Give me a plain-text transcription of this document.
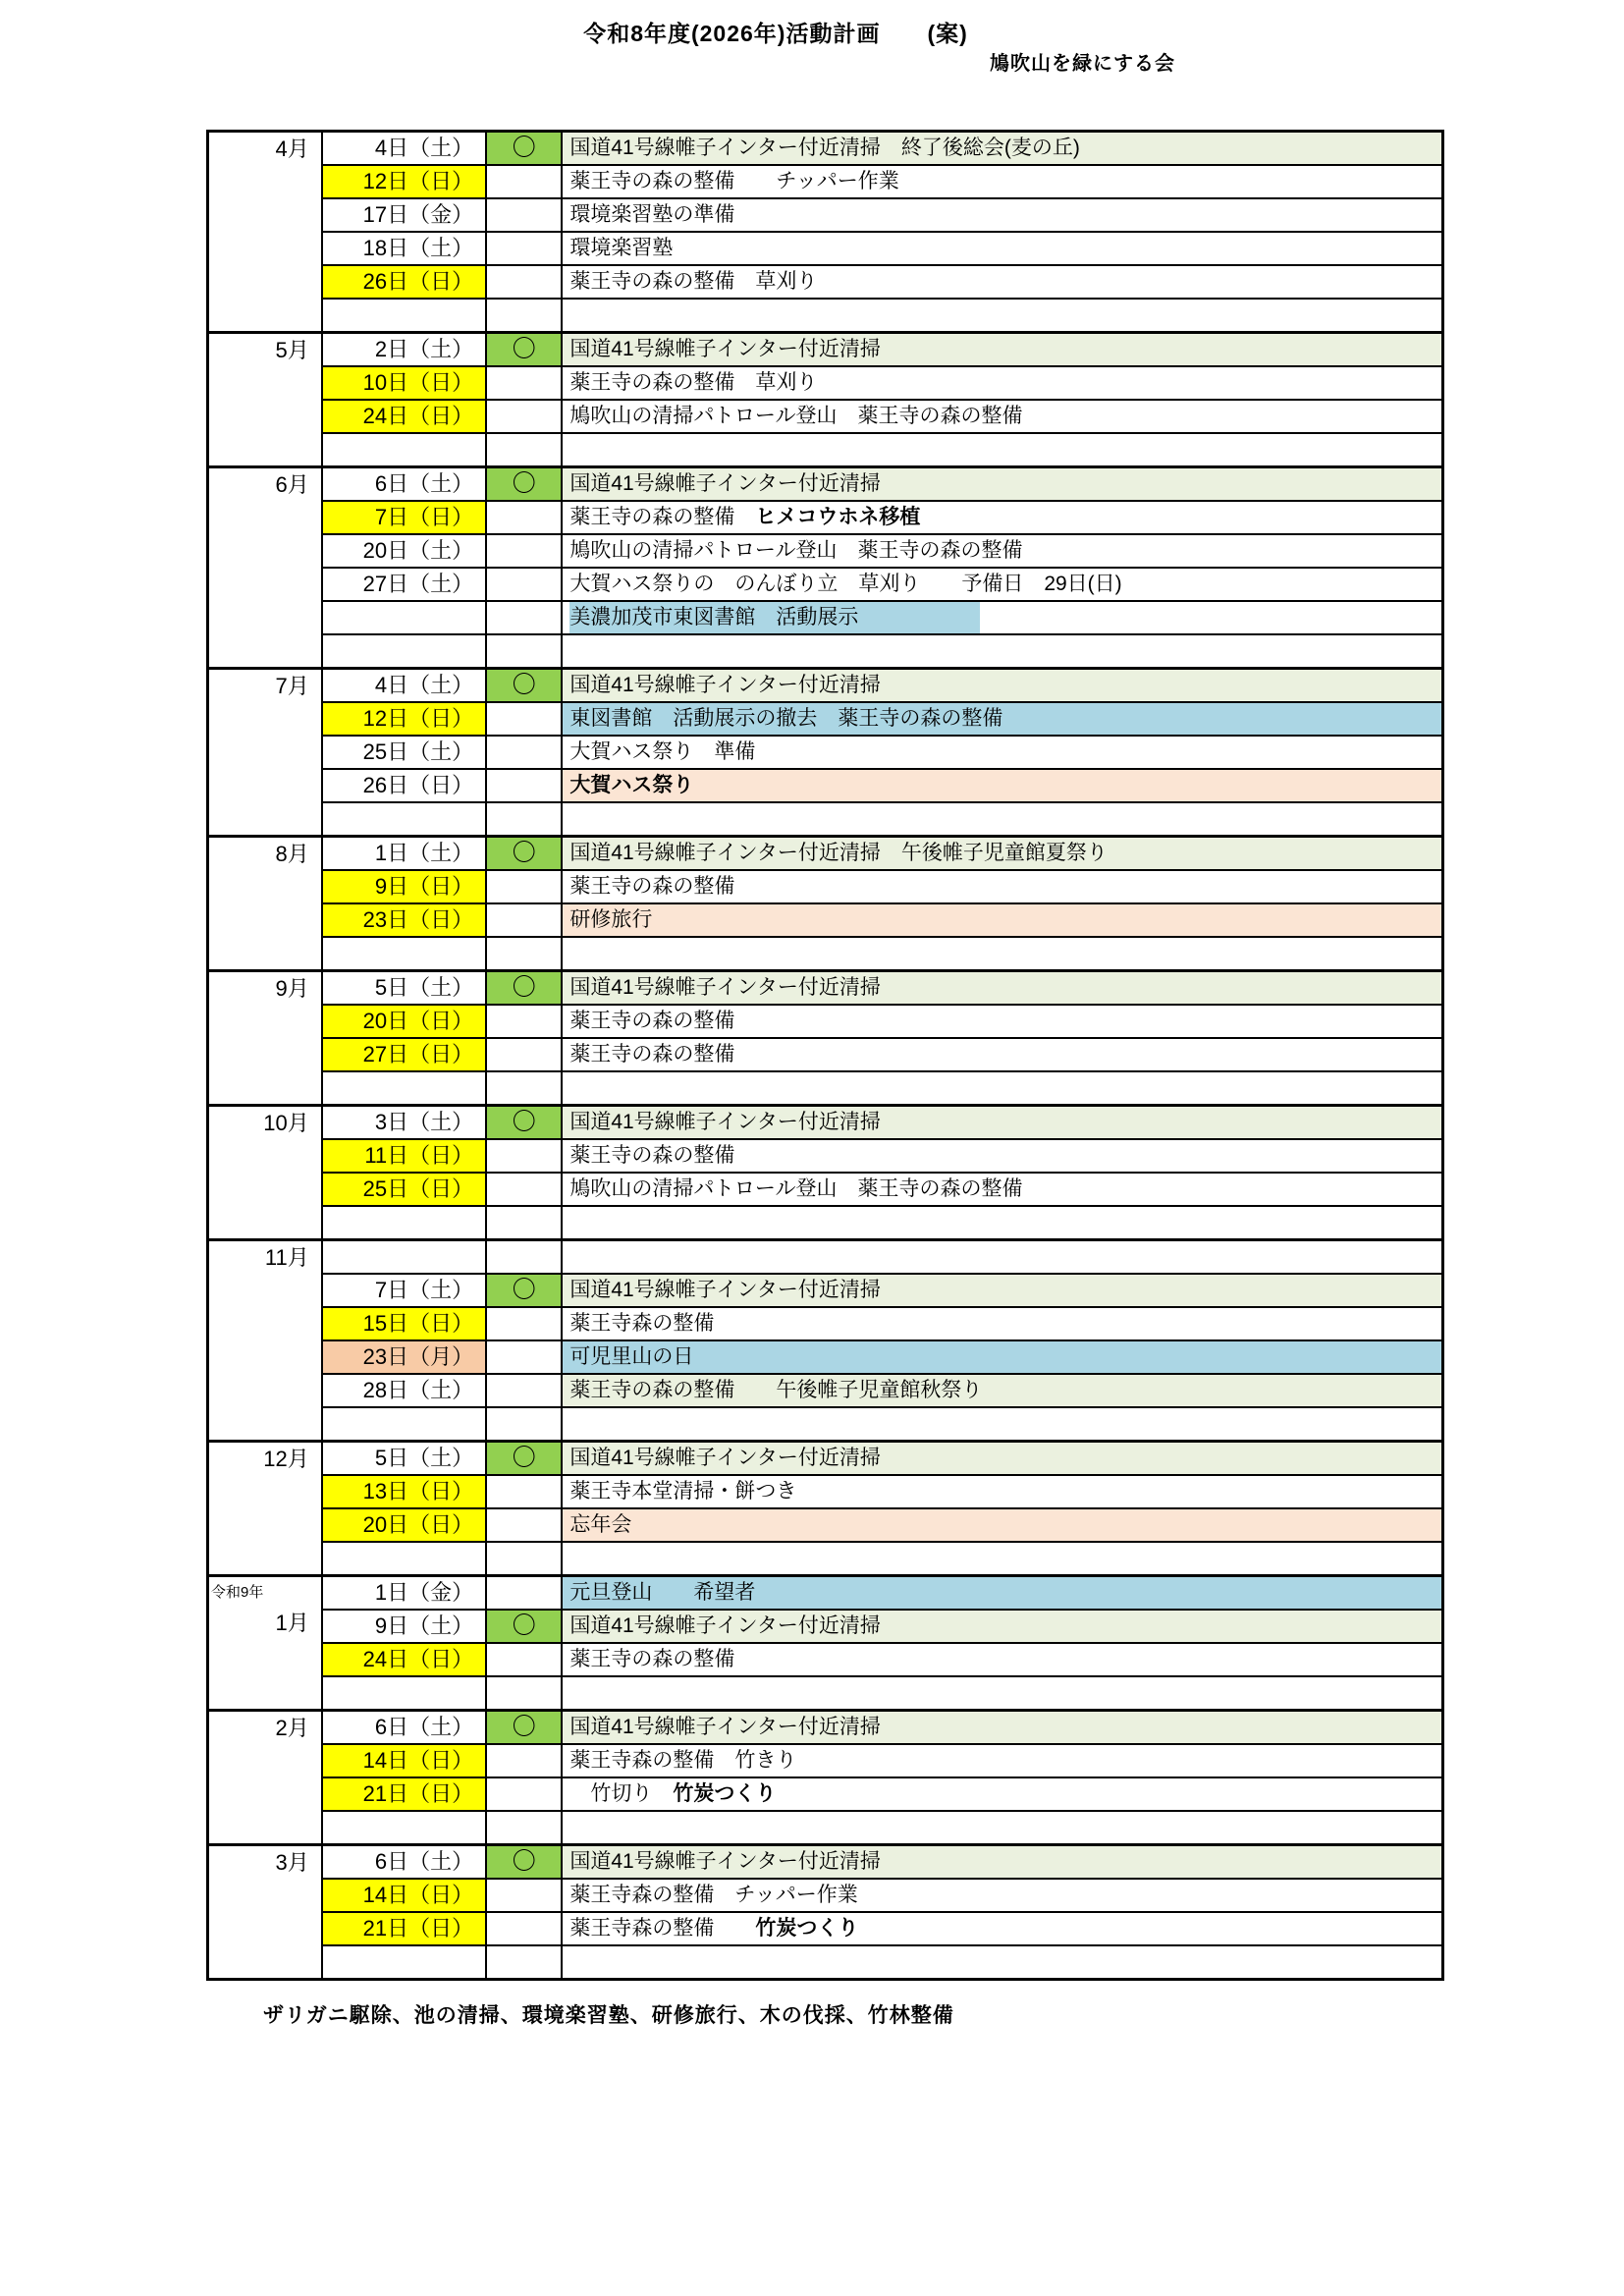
令和8年度(2026年)活動計画　　(案)
鳩吹山を緑にする会
4月	4日（土）	〇	国道41号線帷子インター付近清掃　終了後総会(麦の丘)
	12日（日）		薬王寺の森の整備　　チッパー作業
	17日（金）		環境楽習塾の準備
	18日（土）		環境楽習塾
	26日（日）		薬王寺の森の整備　草刈り

5月	2日（土）	〇	国道41号線帷子インター付近清掃
	10日（日）		薬王寺の森の整備　草刈り
	24日（日）		鳩吹山の清掃パトロール登山　薬王寺の森の整備

6月	6日（土）	〇	国道41号線帷子インター付近清掃
	7日（日）		薬王寺の森の整備　ヒメコウホネ移植
	20日（土）		鳩吹山の清掃パトロール登山　薬王寺の森の整備
	27日（土）		大賀ハス祭りの　のんぼり立　草刈り　　予備日　29日(日)

			美濃加茂市東図書館　活動展示

7月	4日（土）	〇	国道41号線帷子インター付近清掃
	12日（日）		東図書館　活動展示の撤去　薬王寺の森の整備
	25日（土）		大賀ハス祭り　準備
	26日（日）		大賀ハス祭り

8月	1日（土）	〇	国道41号線帷子インター付近清掃　午後帷子児童館夏祭り
	9日（日）		薬王寺の森の整備
	23日（日）		研修旅行

9月	5日（土）	〇	国道41号線帷子インター付近清掃
	20日（日）		薬王寺の森の整備
	27日（日）		薬王寺の森の整備

10月	3日（土）	〇	国道41号線帷子インター付近清掃
	11日（日）		薬王寺の森の整備
	25日（日）		鳩吹山の清掃パトロール登山　薬王寺の森の整備

11月			

	7日（土）	〇	国道41号線帷子インター付近清掃
	15日（日）		薬王寺森の整備
	23日（月）		可児里山の日
	28日（土）		薬王寺の森の整備　　午後帷子児童館秋祭り

12月	5日（土）	〇	国道41号線帷子インター付近清掃
	13日（日）		薬王寺本堂清掃・餅つき
	20日（日）		忘年会

令和9年
1月	1日（金）		元旦登山　　希望者
	9日（土）	〇	国道41号線帷子インター付近清掃
	24日（日）		薬王寺の森の整備

2月	6日（土）	〇	国道41号線帷子インター付近清掃
	14日（日）		薬王寺森の整備　竹きり
	21日（日）		　竹切り　竹炭つくり

3月	6日（土）	〇	国道41号線帷子インター付近清掃
	14日（日）		薬王寺森の整備　チッパー作業
	21日（日）		薬王寺森の整備　　竹炭つくり

ザリガニ駆除、池の清掃、環境楽習塾、研修旅行、木の伐採、竹林整備
